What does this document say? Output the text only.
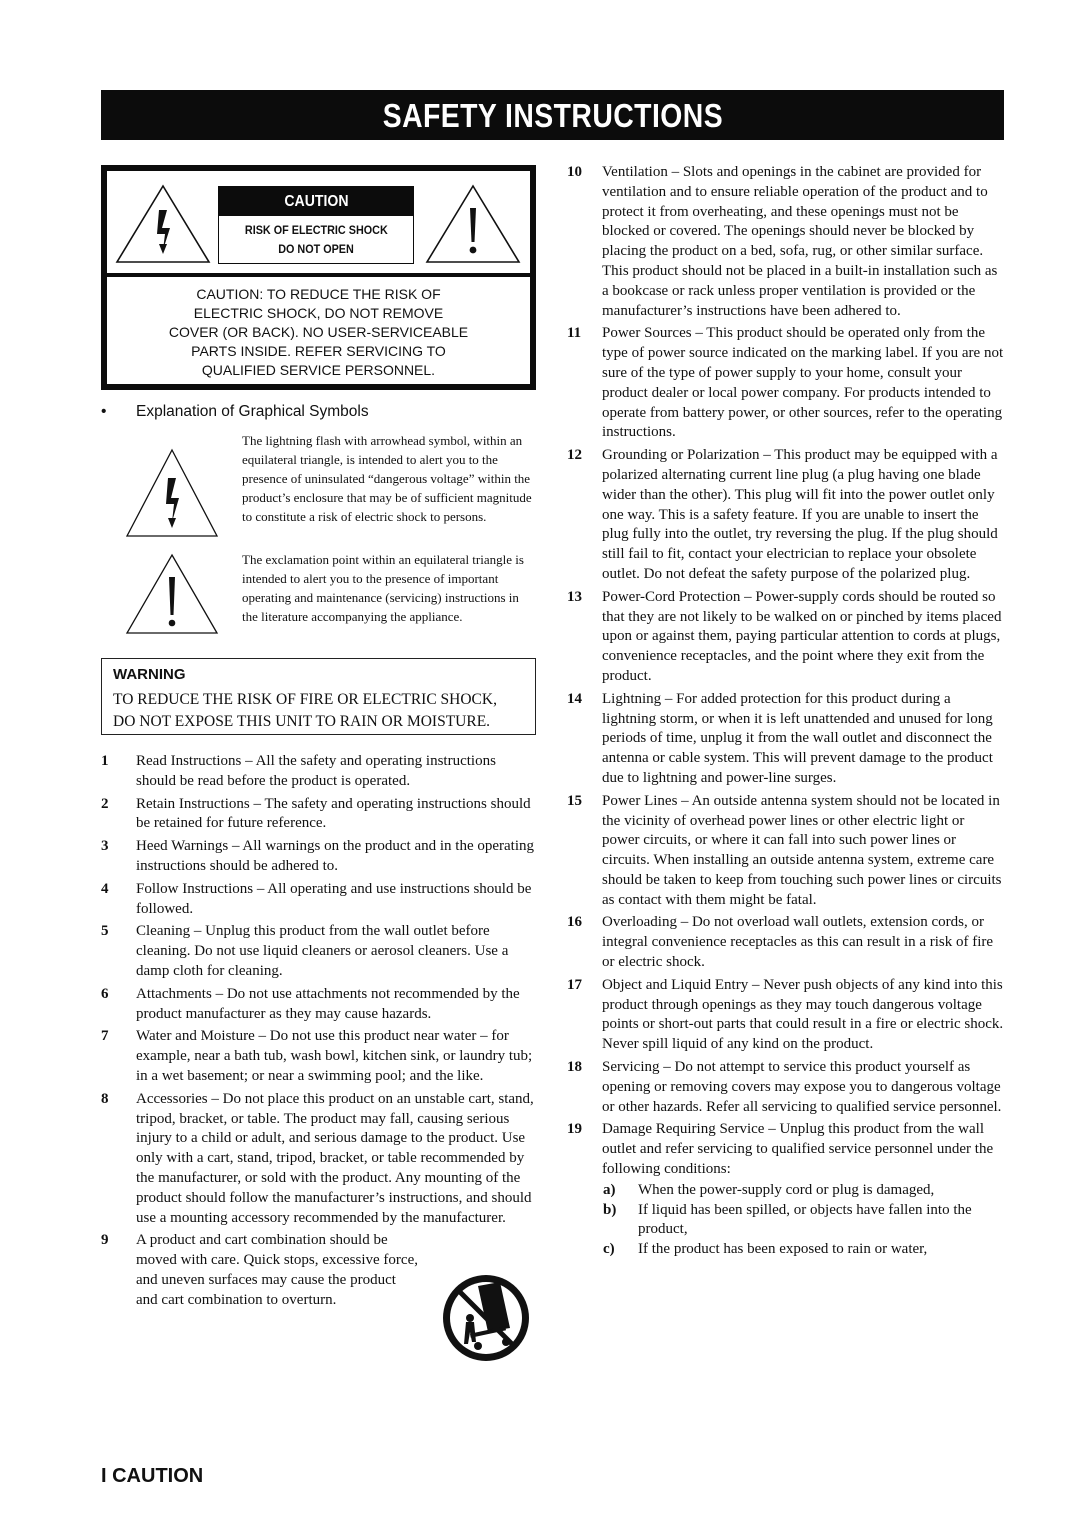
SAFETY INSTRUCTIONS
CAUTION
RISK OF ELECTRIC SHOCK
DO NOT OPEN
CAUTION: TO REDUCE THE RISK OF
ELECTRIC SHOCK, DO NOT REMOVE
COVER (OR BACK). NO USER-SERVICEABLE
PARTS INSIDE. REFER SERVICING TO
QUALIFIED SERVICE PERSONNEL.
• Explanation of Graphical Symbols
The lightning flash with arrowhead symbol, within an equilateral triangle, is intended to alert you to the presence of uninsulated “dangerous voltage” within the product’s enclosure that may be of sufficient magnitude to constitute a risk of electric shock to persons.
The exclamation point within an equilateral triangle is intended to alert you to the presence of important operating and maintenance (servicing) instructions in the literature accompanying the appliance.
WARNING
TO REDUCE THE RISK OF FIRE OR ELECTRIC SHOCK,
DO NOT EXPOSE THIS UNIT TO RAIN OR MOISTURE.
1 Read Instructions – All the safety and operating instructions should be read before the product is operated.
2 Retain Instructions – The safety and operating instructions should be retained for future reference.
3 Heed Warnings – All warnings on the product and in the operating instructions should be adhered to.
4 Follow Instructions – All operating and use instructions should be followed.
5 Cleaning – Unplug this product from the wall outlet before cleaning. Do not use liquid cleaners or aerosol cleaners. Use a damp cloth for cleaning.
6 Attachments – Do not use attachments not recommended by the product manufacturer as they may cause hazards.
7 Water and Moisture – Do not use this product near water – for example, near a bath tub, wash bowl, kitchen sink, or laundry tub; in a wet basement; or near a swimming pool; and the like.
8 Accessories – Do not place this product on an unstable cart, stand, tripod, bracket, or table. The product may fall, causing serious injury to a child or adult, and serious damage to the product. Use only with a cart, stand, tripod, bracket, or table recommended by the manufacturer, or sold with the product. Any mounting of the product should follow the manufacturer’s instructions, and should use a mounting accessory recommended by the manufacturer.
9 A product and cart combination should be moved with care. Quick stops, excessive force, and uneven surfaces may cause the product and cart combination to overturn.
10 Ventilation – Slots and openings in the cabinet are provided for ventilation and to ensure reliable operation of the product and to protect it from overheating, and these openings must not be blocked or covered. The openings should never be blocked by placing the product on a bed, sofa, rug, or other similar surface. This product should not be placed in a built-in installation such as a bookcase or rack unless proper ventilation is provided or the manufacturer’s instructions have been adhered to.
11 Power Sources – This product should be operated only from the type of power source indicated on the marking label. If you are not sure of the type of power supply to your home, consult your product dealer or local power company. For products intended to operate from battery power, or other sources, refer to the operating instructions.
12 Grounding or Polarization – This product may be equipped with a polarized alternating current line plug (a plug having one blade wider than the other). This plug will fit into the power outlet only one way. This is a safety feature. If you are unable to insert the plug fully into the outlet, try reversing the plug. If the plug should still fail to fit, contact your electrician to replace your obsolete outlet. Do not defeat the safety purpose of the polarized plug.
13 Power-Cord Protection – Power-supply cords should be routed so that they are not likely to be walked on or pinched by items placed upon or against them, paying particular attention to cords at plugs, convenience receptacles, and the point where they exit from the product.
14 Lightning – For added protection for this product during a lightning storm, or when it is left unattended and unused for long periods of time, unplug it from the wall outlet and disconnect the antenna or cable system. This will prevent damage to the product due to lightning and power-line surges.
15 Power Lines – An outside antenna system should not be located in the vicinity of overhead power lines or other electric light or power circuits, or where it can fall into such power lines or circuits. When installing an outside antenna system, extreme care should be taken to keep from touching such power lines or circuits as contact with them might be fatal.
16 Overloading – Do not overload wall outlets, extension cords, or integral convenience receptacles as this can result in a risk of fire or electric shock.
17 Object and Liquid Entry – Never push objects of any kind into this product through openings as they may touch dangerous voltage points or short-out parts that could result in a fire or electric shock. Never spill liquid of any kind on the product.
18 Servicing – Do not attempt to service this product yourself as opening or removing covers may expose you to dangerous voltage or other hazards. Refer all servicing to qualified service personnel.
19 Damage Requiring Service – Unplug this product from the wall outlet and refer servicing to qualified service personnel under the following conditions:
a) When the power-supply cord or plug is damaged,
b) If liquid has been spilled, or objects have fallen into the product,
c) If the product has been exposed to rain or water,
I CAUTION
